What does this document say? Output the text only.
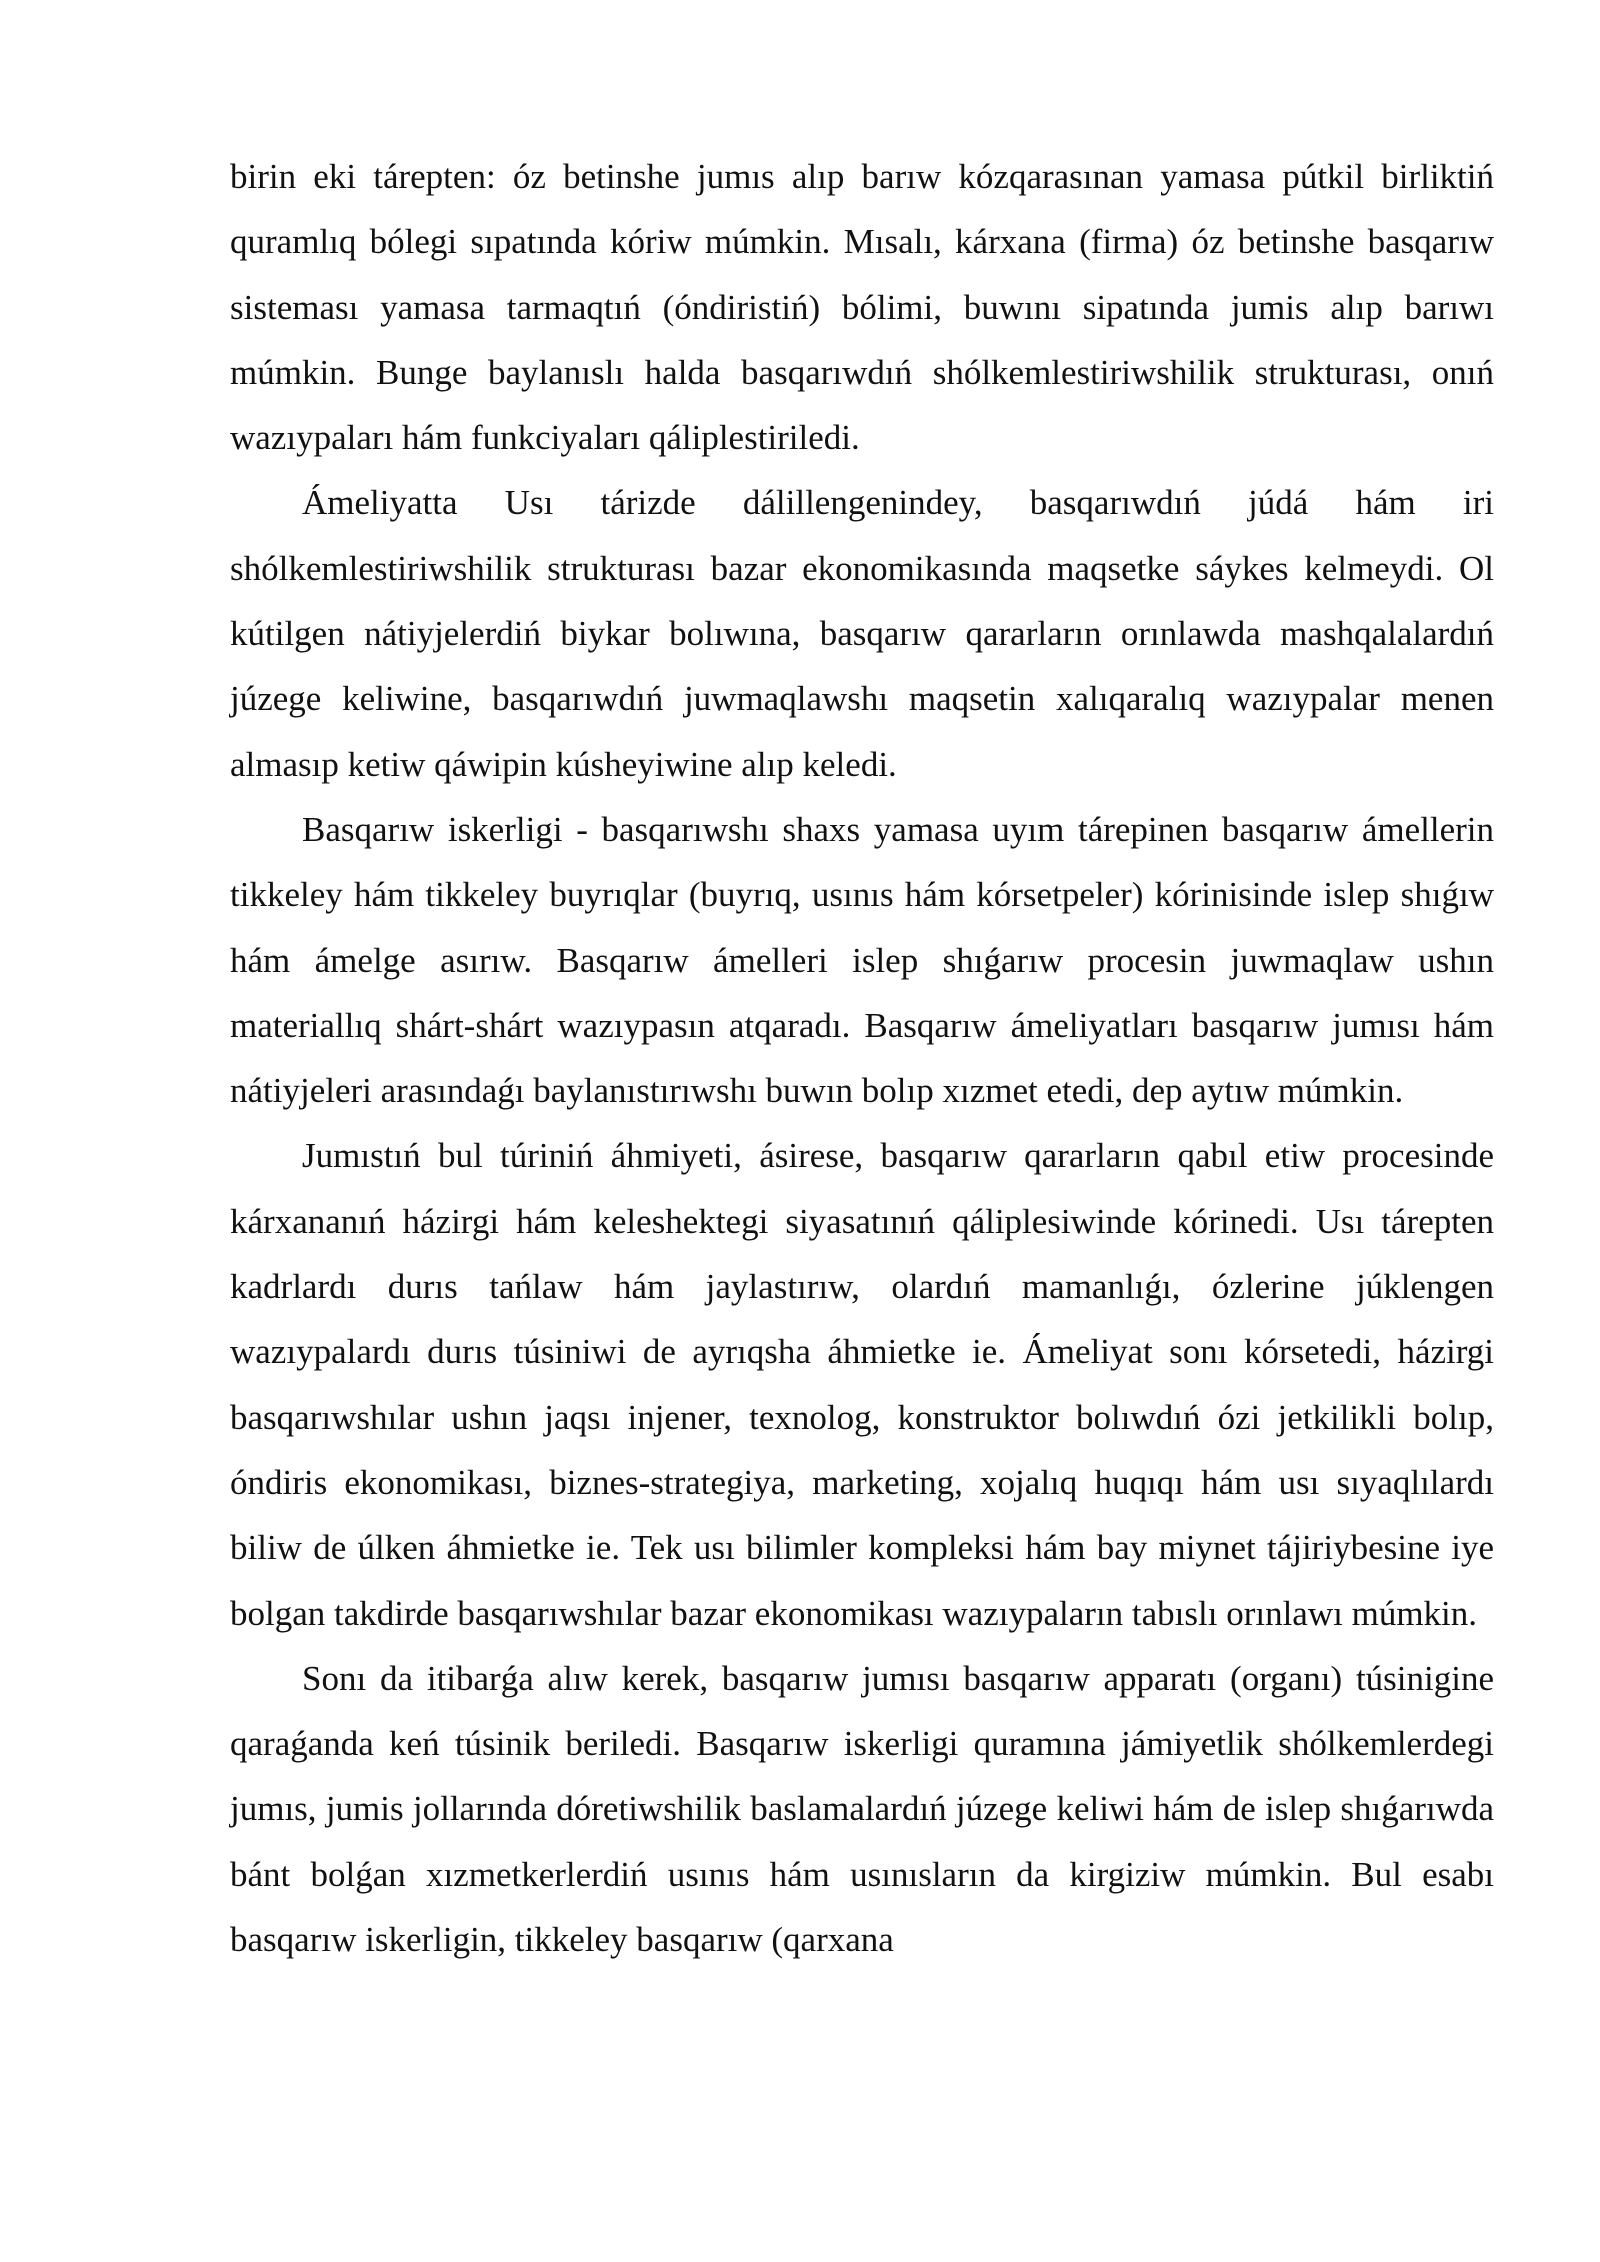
birin eki tárepten: óz betinshe jumıs alıp barıw kózqarasınan yamasa pútkil birliktiń quramlıq bólegi sıpatında kóriw múmkin. Mısalı, kárxana (firma) óz betinshe basqarıw sisteması yamasa tarmaqtıń (óndiristiń) bólimi, buwını sipatında jumis alıp barıwı múmkin. Bunge baylanıslı halda basqarıwdıń shólkemlestiriwshilik strukturası, onıń wazıypaları hám funkciyaları qáliplestiriledi.

Ámeliyatta Usı tárizde dálillengenindey, basqarıwdıń júdá hám iri shólkemlestiriwshilik strukturası bazar ekonomikasında maqsetke sáykes kelmeydi. Ol kútilgen nátiyjelerdiń biykar bolıwına, basqarıw qararların orınlawda mashqalalardıń júzege keliwine, basqarıwdıń juwmaqlawshı maqsetin xalıqaralıq wazıypalar menen almasıp ketiw qáwipin kúsheyiwine alıp keledi.

Basqarıw iskerligi - basqarıwshı shaxs yamasa uyım tárepinen basqarıw ámellerin tikkeley hám tikkeley buyrıqlar (buyrıq, usınıs hám kórsetpeler) kórinisinde islep shıǵıw hám ámelge asırıw. Basqarıw ámelleri islep shıǵarıw procesin juwmaqlaw ushın materiallıq shárt-shárt wazıypasın atqaradı. Basqarıw ámeliyatları basqarıw jumısı hám nátiyjeleri arasındaǵı baylanıstırıwshı buwın bolıp xızmet etedi, dep aytıw múmkin.

Jumıstıń bul túriniń áhmiyeti, ásirese, basqarıw qararların qabıl etiw procesinde kárxananıń házirgi hám keleshektegi siyasatınıń qáliplesiwinde kórinedi. Usı tárepten kadrlardı durıs tańlaw hám jaylastırıw, olardıń mamanlıǵı, ózlerine júklengen wazıypalardı durıs túsiniwi de ayrıqsha áhmietke ie. Ámeliyat sonı kórsetedi, házirgi basqarıwshılar ushın jaqsı injener, texnolog, konstruktor bolıwdıń ózi jetkilikli bolıp, óndiris ekonomikası, biznes-strategiya, marketing, xojalıq huqıqı hám usı sıyaqlılardı biliw de úlken áhmietke ie. Tek usı bilimler kompleksi hám bay miynet tájiriybesine iye bolgan takdirde basqarıwshılar bazar ekonomikası wazıypaların tabıslı orınlawı múmkin.

Sonı da itibarǵa alıw kerek, basqarıw jumısı basqarıw apparatı (organı) túsinigine qaraǵanda keń túsinik beriledi. Basqarıw iskerligi quramına jámiyetlik shólkemlerdegi jumıs, jumis jollarında dóretiwshilik baslamalardıń júzege keliwi hám de islep shıǵarıwda bánt bolǵan xızmetkerlerdiń usınıs hám usınısların da kirgiziw múmkin. Bul esabı basqarıw iskerligin, tikkeley basqarıw (qarxana
